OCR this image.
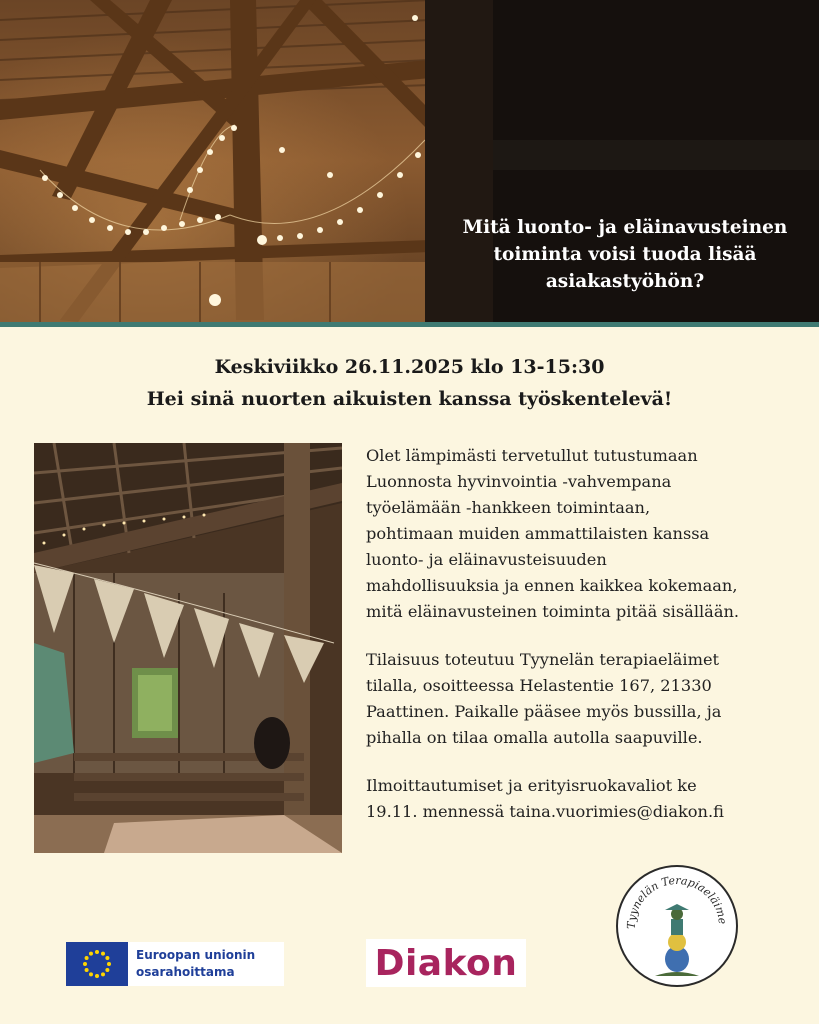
Mitä luonto- ja eläinavusteinen toiminta voisi tuoda lisää asiakastyöhön?
Keskiviikko 26.11.2025 klo 13-15:30
Hei sinä nuorten aikuisten kanssa työskentelevä!

Olet lämpimästi tervetullut tutustumaan
Luonnosta hyvinvointia -vahvempana
työelämään -hankkeen toimintaan,
pohtimaan muiden ammattilaisten kanssa
luonto- ja eläinavusteisuuden
mahdollisuuksia ja ennen kaikkea kokemaan,
mitä eläinavusteinen toiminta pitää sisällään.

Tilaisuus toteutuu Tyynelän terapiaeläimet
tilalla, osoitteessa Helastentie 167, 21330
Paattinen. Paikalle pääsee myös bussilla, ja
pihalla on tilaa omalla autolla saapuville.

Ilmoittautumiset ja erityisruokavaliot ke
19.11. mennessä taina.vuorimies@diakon.fi

Euroopan unionin
osarahoittama	Diakon
Tyynelän Terapiaeläime
